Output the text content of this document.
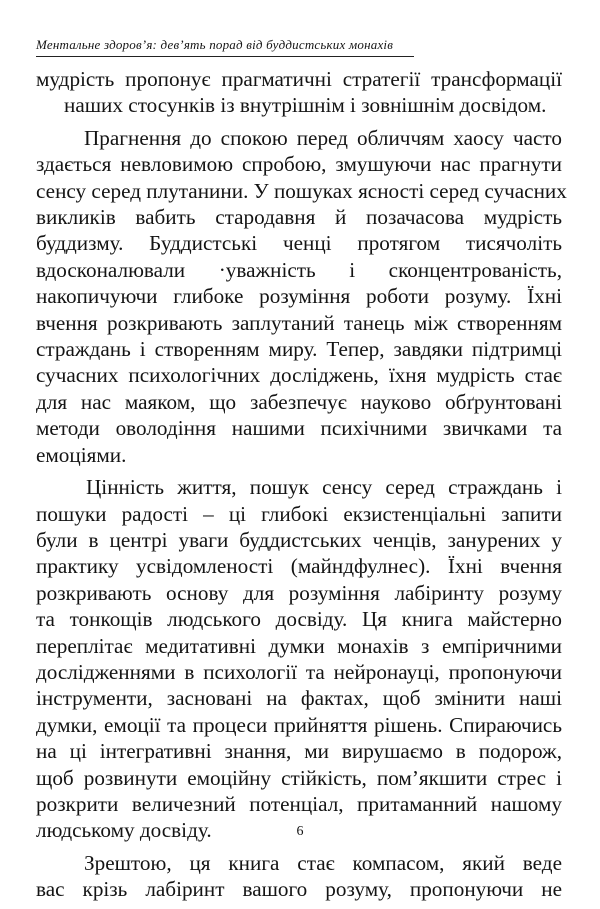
Ментальне здоров’я: дев’ять порад від буддистських монахів
мудрість пропонує прагматичні стратегії трансформації
наших стосунків із внутрішнім і зовнішнім досвідом.
Прагнення до спокою перед обличчям хаосу часто
здається невловимою спробою, змушуючи нас прагнути
сенсу серед плутанини. У пошуках ясності серед сучасних
викликів вабить стародавня й позачасова мудрість
буддизму. Буддистські ченці протягом тисячоліть
вдосконалювали ·уважність і сконцентрованість,
накопичуючи глибоке розуміння роботи розуму. Їхні
вчення розкривають заплутаний танець між створенням
страждань і створенням миру. Тепер, завдяки підтримці
сучасних психологічних досліджень, їхня мудрість стає
для нас маяком, що забезпечує науково обґрунтовані
методи оволодіння нашими психічними звичками та
емоціями.
Цінність життя, пошук сенсу серед страждань і
пошуки радості – ці глибокі екзистенціальні запити
були в центрі уваги буддистських ченців, занурених у
практику усвідомленості (майндфулнес). Їхні вчення
розкривають основу для розуміння лабіринту розуму
та тонкощів людського досвіду. Ця книга майстерно
переплітає медитативні думки монахів з емпіричними
дослідженнями в психології та нейронауці, пропонуючи
інструменти, засновані на фактах, щоб змінити наші
думки, емоції та процеси прийняття рішень. Спираючись
на ці інтегративні знання, ми вирушаємо в подорож,
щоб розвинути емоційну стійкість, пом’якшити стрес і
розкрити величезний потенціал, притаманний нашому
людському досвіду.
Зрештою, ця книга стає компасом, який веде
вас крізь лабіринт вашого розуму, пропонуючи не
6
